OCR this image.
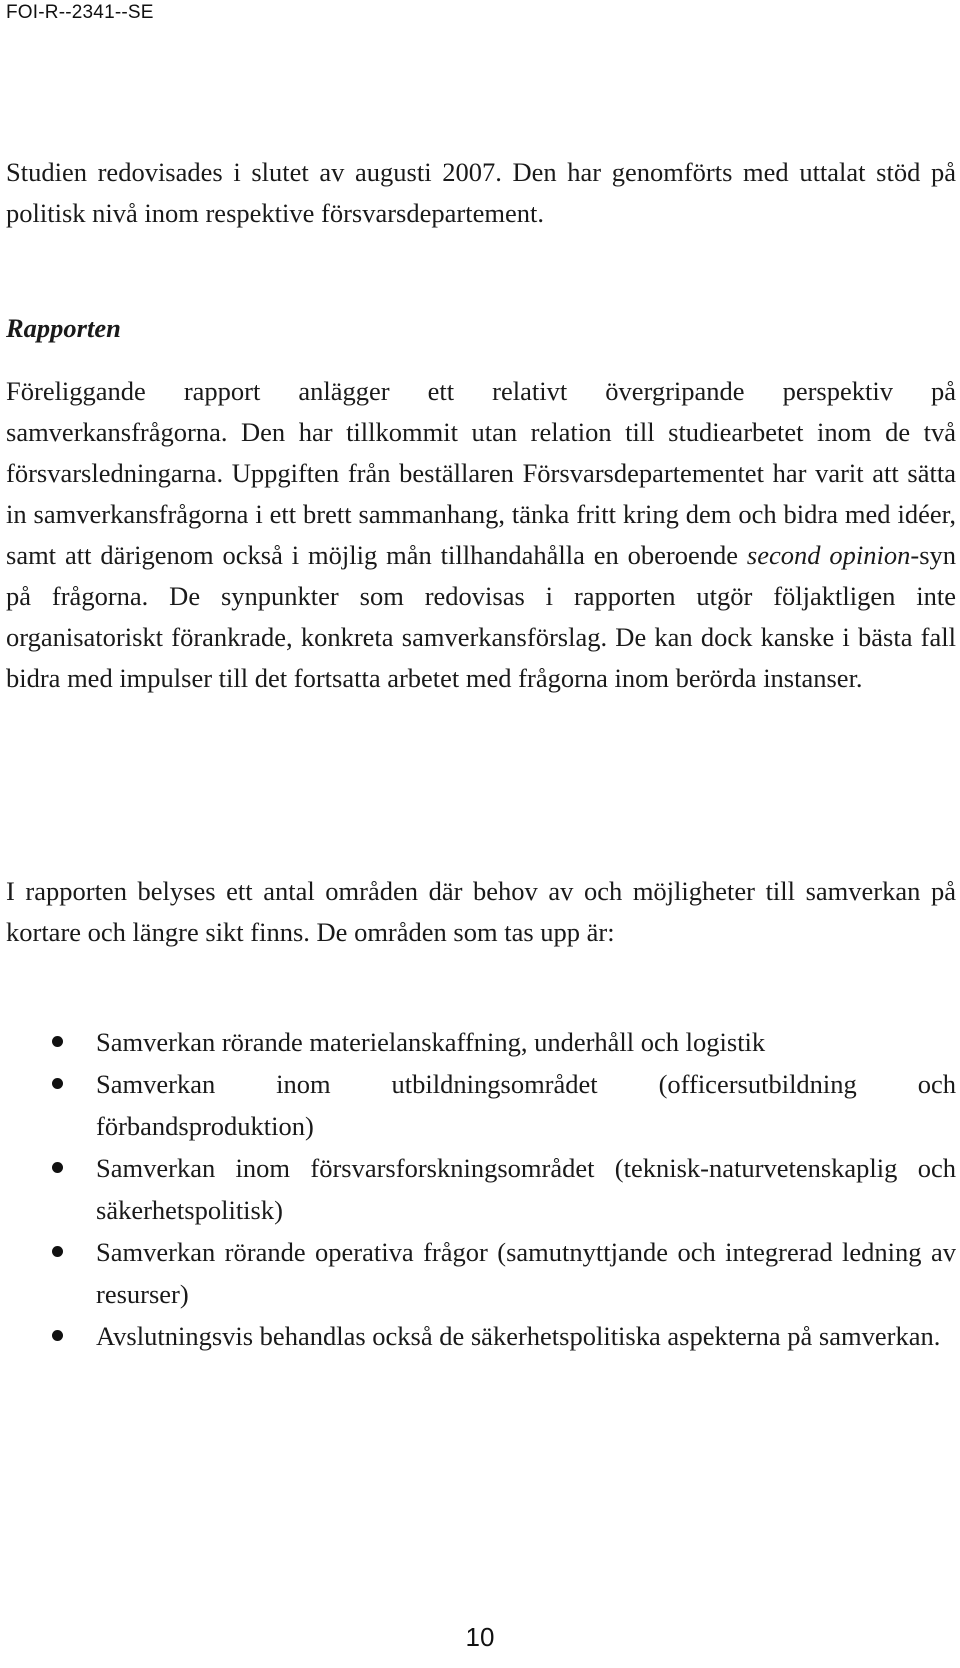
FOI-R--2341--SE

Studien redovisades i slutet av augusti 2007. Den har genomförts med uttalat stöd på politisk nivå inom respektive försvarsdepartement.

Rapporten

Föreliggande rapport anlägger ett relativt övergripande perspektiv på samverkansfrågorna. Den har tillkommit utan relation till studiearbetet inom de två försvarsledningarna. Uppgiften från beställaren Försvarsdepartementet har varit att sätta in samverkansfrågorna i ett brett sammanhang, tänka fritt kring dem och bidra med idéer, samt att därigenom också i möjlig mån tillhandahålla en oberoende second opinion-syn på frågorna. De synpunkter som redovisas i rapporten utgör följaktligen inte organisatoriskt förankrade, konkreta samverkansförslag. De kan dock kanske i bästa fall bidra med impulser till det fortsatta arbetet med frågorna inom berörda instanser.

I rapporten belyses ett antal områden där behov av och möjligheter till samverkan på kortare och längre sikt finns. De områden som tas upp är:

Samverkan rörande materielanskaffning, underhåll och logistik
Samverkan inom utbildningsområdet (officersutbildning och förbandsproduktion)
Samverkan inom försvarsforskningsområdet (teknisk-naturvetenskaplig och säkerhetspolitisk)
Samverkan rörande operativa frågor (samutnyttjande och integrerad ledning av resurser)
Avslutningsvis behandlas också de säkerhetspolitiska aspekterna på samverkan.
10
